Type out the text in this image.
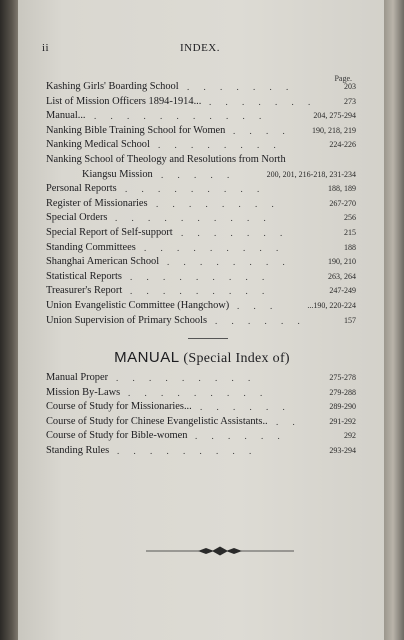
ii	INDEX.
Page.
Kashing Girls' Boarding School . . . . . . .	203
List of Mission Officers 1894-1914... . . . . . . .	273
Manual... . . . . . . . . . . .	204, 275-294
Nanking Bible Training School for Women . . . .	190, 218, 219
Nanking Medical School . . . . . . . .	224-226
Nanking School of Theology and Resolutions from North
Kiangsu Mission . . . . .	200, 201, 216-218, 231-234
Personal Reports . . . . . . . . .	188, 189
Register of Missionaries . . . . . . . .	267-270
Special Orders . . . . . . . . . .	256
Special Report of Self-support . . . . . . .	215
Standing Committees . . . . . . . . .	188
Shanghai American School . . . . . . . .	190, 210
Statistical Reports . . . . . . . . .	263, 264
Treasurer's Report . . . . . . . . .	247-249
Union Evangelistic Committee (Hangchow) . . .	...190, 220-224
Union Supervision of Primary Schools . . . . . .	157
MANUAL (Special Index of)
Manual Proper . . . . . . . . .	275-278
Mission By-Laws . . . . . . . . .	279-288
Course of Study for Missionaries... . . . . . .	289-290
Course of Study for Chinese Evangelistic Assistants.. . .	291-292
Course of Study for Bible-women . . . . . .	292
Standing Rules . . . . . . . . .	293-294
